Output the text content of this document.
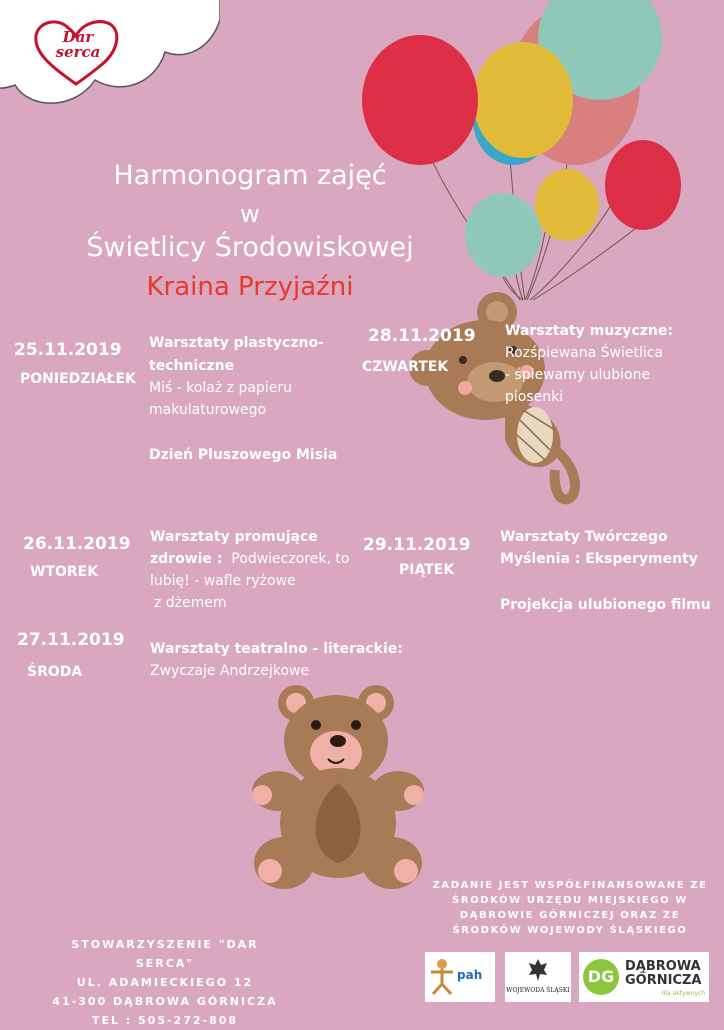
Dar
serca
Harmonogram zajęć
w
Świetlicy Środowiskowej
Kraina Przyjaźni
25.11.2019
PONIEDZIAŁEK
Warsztaty plastyczno-
techniczne
Miś - kolaż z papieru
makulaturowego
Dzień Pluszowego Misia
28.11.2019
CZWARTEK
Warsztaty muzyczne:
Rozśpiewana Świetlica
- śpiewamy ulubione
piosenki
26.11.2019
WTOREK
Warsztaty promujące
zdrowie : Podwieczorek, to
lubię! - wafle ryżowe
z dżemem
29.11.2019
PIĄTEK
Warsztaty Twórczego
Myślenia : Eksperymenty
Projekcja ulubionego filmu
27.11.2019
ŚRODA
Warsztaty teatralno - literackie:
Zwyczaje Andrzejkowe
STOWARZYSZENIE "DAR SERCA"
UL. ADAMIECKIEGO 12
41-300 DĄBROWA GÓRNICZA
TEL : 505-272-808
ZADANIE JEST WSPÓŁFINANSOWANE ZE
ŚRODKÓW URZĘDU MIEJSKIEGO W
DĄBROWIE GÓRNICZEJ ORAZ ZE
ŚRODKÓW WOJEWODY ŚLĄSKIEGO
pah
WOJEWODA ŚLĄSKI
DG
DĄBROWA
GÓRNICZA
dla aktywnych
